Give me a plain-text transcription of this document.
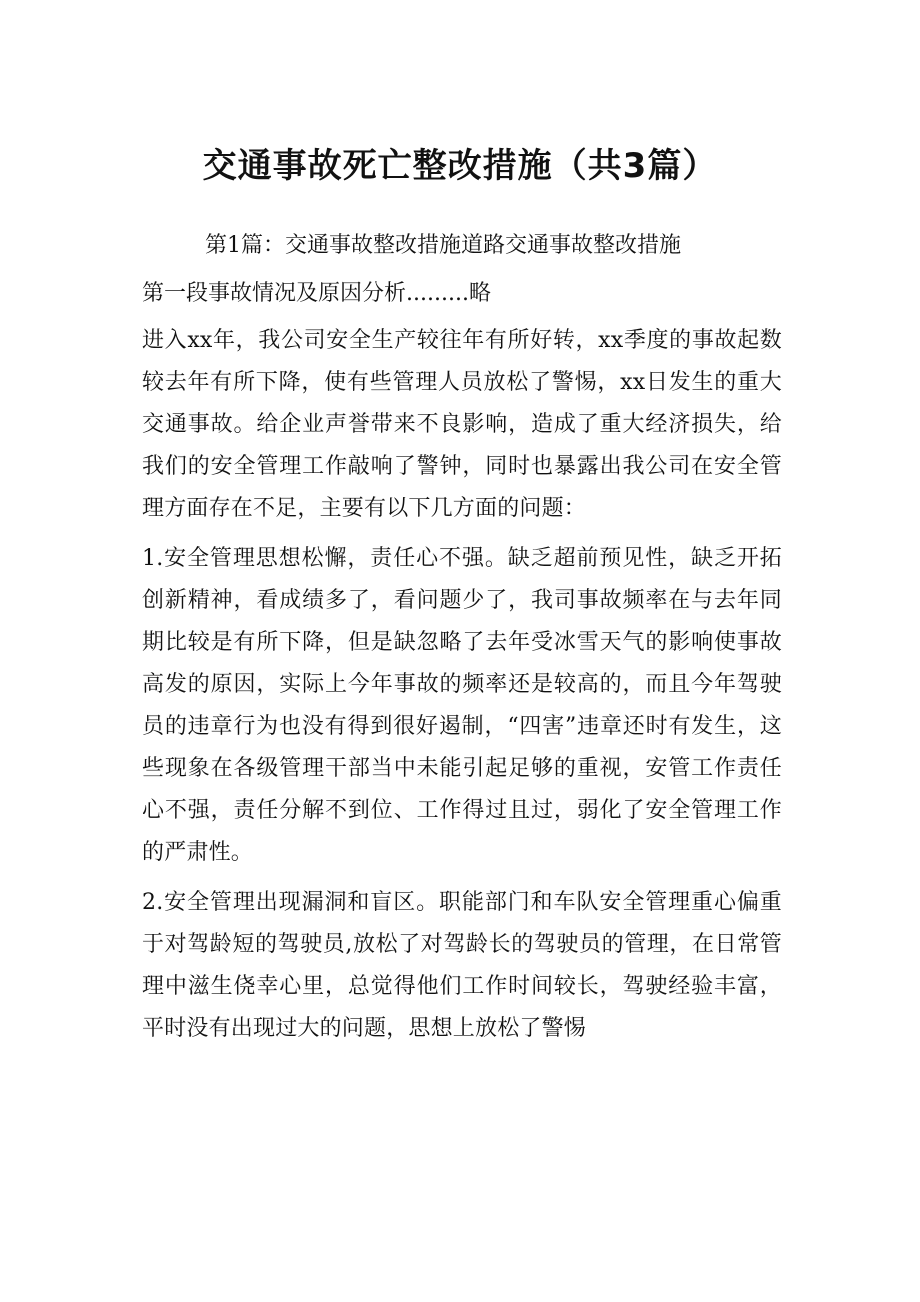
交通事故死亡整改措施（共3篇）
第1篇：交通事故整改措施道路交通事故整改措施
第一段事故情况及原因分析.........略

进入xx年，我公司安全生产较往年有所好转，xx季度的事故起数较去年有所下降，使有些管理人员放松了警惕，xx日发生的重大交通事故。给企业声誉带来不良影响，造成了重大经济损失，给我们的安全管理工作敲响了警钟，同时也暴露出我公司在安全管理方面存在不足，主要有以下几方面的问题：

1.安全管理思想松懈，责任心不强。缺乏超前预见性，缺乏开拓创新精神，看成绩多了，看问题少了，我司事故频率在与去年同期比较是有所下降，但是缺忽略了去年受冰雪天气的影响使事故高发的原因，实际上今年事故的频率还是较高的，而且今年驾驶员的违章行为也没有得到很好遏制，“四害”违章还时有发生，这些现象在各级管理干部当中未能引起足够的重视，安管工作责任心不强，责任分解不到位、工作得过且过，弱化了安全管理工作的严肃性。

2.安全管理出现漏洞和盲区。职能部门和车队安全管理重心偏重于对驾龄短的驾驶员,放松了对驾龄长的驾驶员的管理，在日常管理中滋生侥幸心里，总觉得他们工作时间较长，驾驶经验丰富，平时没有出现过大的问题，思想上放松了警惕
